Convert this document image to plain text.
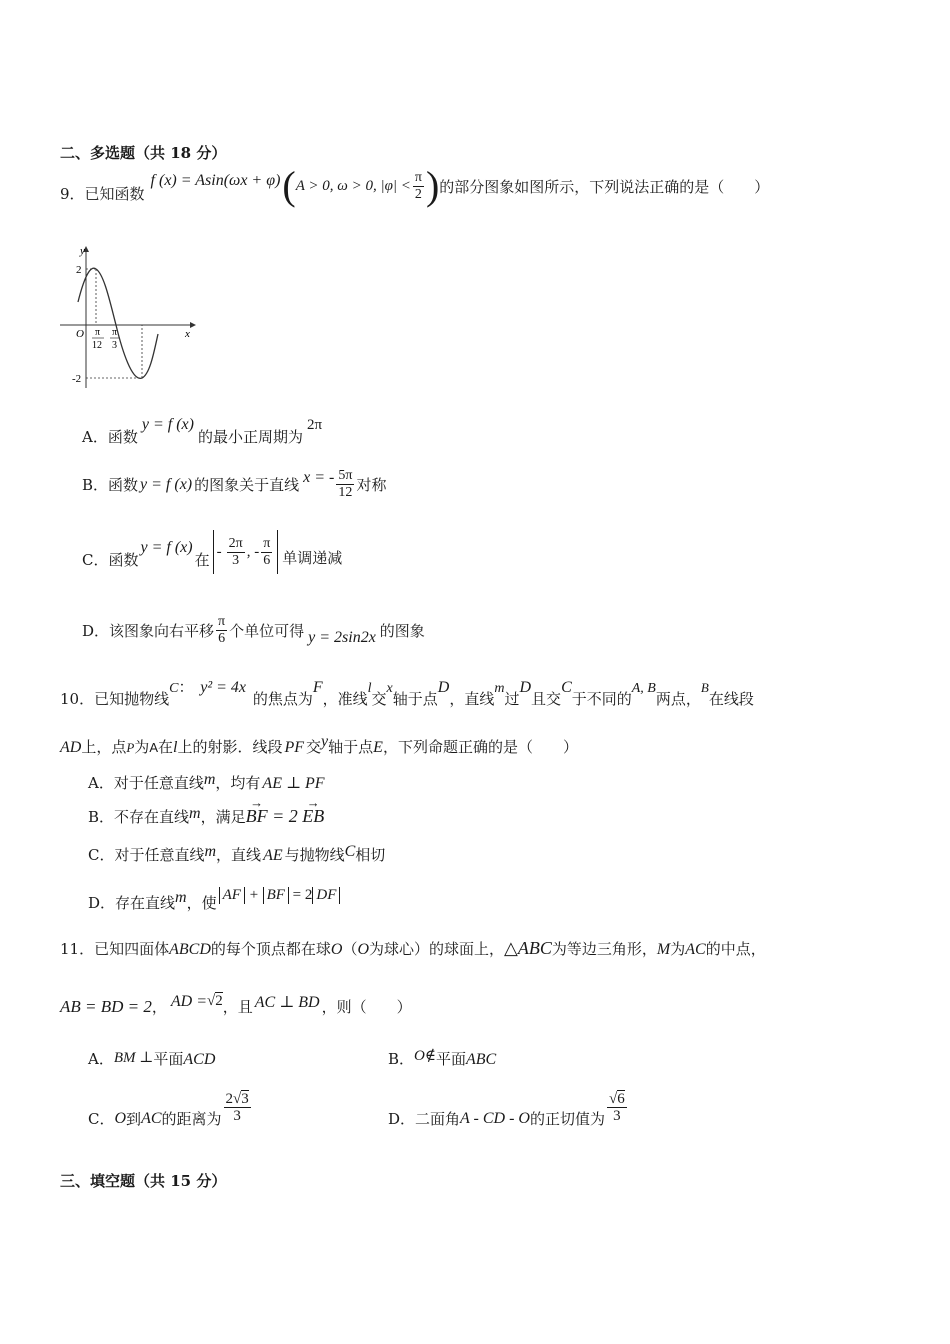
二、多选题（共 18 分）
9．已知函数
f (x) = Asin(ωx + φ) ( A > 0, ω > 0, $|\varphi| < \frac{\pi}{2}$ ) 的部分图象如图所示，下列说法正确的是（　　）
y
x
O
2
-2
π
12
π
3
A．函数
y = f (x)
的最小正周期为
2π
B．函数 y = f (x) 的图象关于直线 x = - $\frac{5\pi}{12}$ 对称
C．函数
y = f (x)
在 - $\frac{2\pi}{3}$ , - $\frac{\pi}{6}$ 单调递减
D．该图象向右平移 $\frac{\pi}{6}$ 个单位可得 y = 2sin2x 的图象
10．已知抛物线C： y² = 4x 的焦点为F，准线l交x轴于点D，直线m过D且交C于不同的A, B两点，B在线段
AD上，点P为A在l上的射影．线段 PF 交y轴于点E，下列命题正确的是（　　）
A．对于任意直线m，均有 AE ⊥ PF
B．不存在直线m，满足→ BF = 2 → EB
C．对于任意直线m，直线 AE 与抛物线C相切
D．存在直线 m ，使 AF + BF = 2 DF
11．已知四面体ABCD的每个顶点都在球O（O为球心）的球面上，△ABC为等边三角形，M为AC的中点，
AB = BD = 2 ， AD = √2 ，且 AC ⊥ BD ，则（　　）
A．BM ⊥平面ACD	B．O∉平面ABC
C． O 到 AC 的距离为 $\frac{2√3}{3}$	D．二面角 A - CD - O 的正切值为 $\frac{√6}{3}$
三、填空题（共 15 分）
